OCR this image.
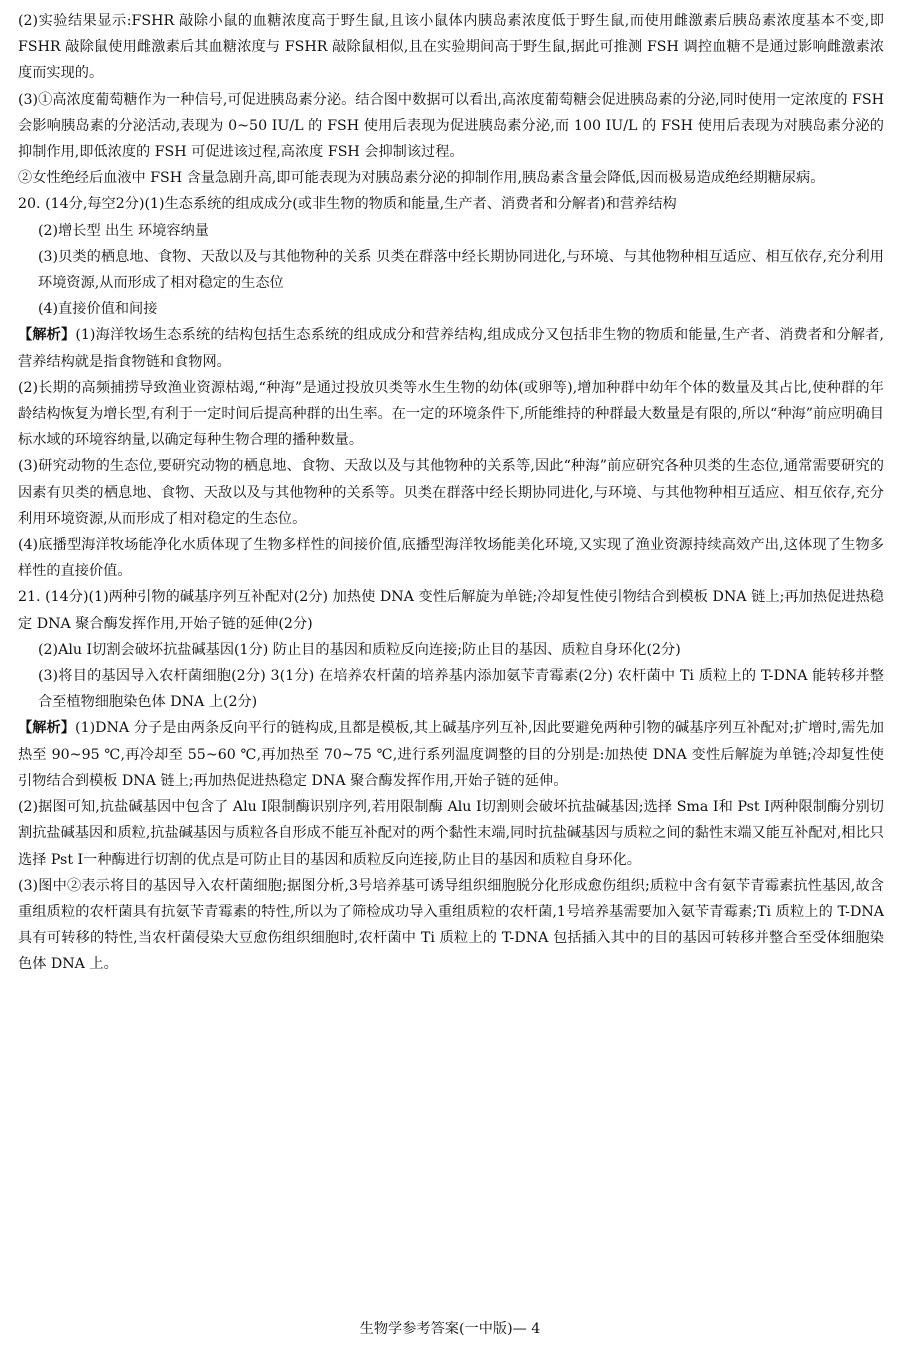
(2)实验结果显示:FSHR 敲除小鼠的血糖浓度高于野生鼠,且该小鼠体内胰岛素浓度低于野生鼠,而使用雌激素后胰岛素浓度基本不变,即 FSHR 敲除鼠使用雌激素后其血糖浓度与 FSHR 敲除鼠相似,且在实验期间高于野生鼠,据此可推测 FSH 调控血糖不是通过影响雌激素浓度而实现的。

(3)①高浓度葡萄糖作为一种信号,可促进胰岛素分泌。结合图中数据可以看出,高浓度葡萄糖会促进胰岛素的分泌,同时使用一定浓度的 FSH 会影响胰岛素的分泌活动,表现为 0~50 IU/L 的 FSH 使用后表现为促进胰岛素分泌,而 100 IU/L 的 FSH 使用后表现为对胰岛素分泌的抑制作用,即低浓度的 FSH 可促进该过程,高浓度 FSH 会抑制该过程。

②女性绝经后血液中 FSH 含量急剧升高,即可能表现为对胰岛素分泌的抑制作用,胰岛素含量会降低,因而极易造成绝经期糖尿病。

20. (14分,每空2分)(1)生态系统的组成成分(或非生物的物质和能量,生产者、消费者和分解者)和营养结构

(2)增长型 出生 环境容纳量

(3)贝类的栖息地、食物、天敌以及与其他物种的关系 贝类在群落中经长期协同进化,与环境、与其他物种相互适应、相互依存,充分利用环境资源,从而形成了相对稳定的生态位

(4)直接价值和间接

【解析】(1)海洋牧场生态系统的结构包括生态系统的组成成分和营养结构,组成成分又包括非生物的物质和能量,生产者、消费者和分解者,营养结构就是指食物链和食物网。

(2)长期的高频捕捞导致渔业资源枯竭,“种海”是通过投放贝类等水生生物的幼体(或卵等),增加种群中幼年个体的数量及其占比,使种群的年龄结构恢复为增长型,有利于一定时间后提高种群的出生率。在一定的环境条件下,所能维持的种群最大数量是有限的,所以“种海”前应明确目标水域的环境容纳量,以确定每种生物合理的播种数量。

(3)研究动物的生态位,要研究动物的栖息地、食物、天敌以及与其他物种的关系等,因此“种海”前应研究各种贝类的生态位,通常需要研究的因素有贝类的栖息地、食物、天敌以及与其他物种的关系等。贝类在群落中经长期协同进化,与环境、与其他物种相互适应、相互依存,充分利用环境资源,从而形成了相对稳定的生态位。

(4)底播型海洋牧场能净化水质体现了生物多样性的间接价值,底播型海洋牧场能美化环境,又实现了渔业资源持续高效产出,这体现了生物多样性的直接价值。

21. (14分)(1)两种引物的碱基序列互补配对(2分) 加热使 DNA 变性后解旋为单链;冷却复性使引物结合到模板 DNA 链上;再加热促进热稳定 DNA 聚合酶发挥作用,开始子链的延伸(2分)

(2)Alu Ⅰ切割会破坏抗盐碱基因(1分) 防止目的基因和质粒反向连接;防止目的基因、质粒自身环化(2分)

(3)将目的基因导入农杆菌细胞(2分) 3(1分) 在培养农杆菌的培养基内添加氨苄青霉素(2分) 农杆菌中 Ti 质粒上的 T-DNA 能转移并整合至植物细胞染色体 DNA 上(2分)

【解析】(1)DNA 分子是由两条反向平行的链构成,且都是模板,其上碱基序列互补,因此要避免两种引物的碱基序列互补配对;扩增时,需先加热至 90~95 ℃,再冷却至 55~60 ℃,再加热至 70~75 ℃,进行系列温度调整的目的分别是:加热使 DNA 变性后解旋为单链;冷却复性使引物结合到模板 DNA 链上;再加热促进热稳定 DNA 聚合酶发挥作用,开始子链的延伸。

(2)据图可知,抗盐碱基因中包含了 Alu Ⅰ限制酶识别序列,若用限制酶 Alu Ⅰ切割则会破坏抗盐碱基因;选择 Sma Ⅰ和 Pst Ⅰ两种限制酶分别切割抗盐碱基因和质粒,抗盐碱基因与质粒各自形成不能互补配对的两个黏性末端,同时抗盐碱基因与质粒之间的黏性末端又能互补配对,相比只选择 Pst Ⅰ一种酶进行切割的优点是可防止目的基因和质粒反向连接,防止目的基因和质粒自身环化。

(3)图中②表示将目的基因导入农杆菌细胞;据图分析,3号培养基可诱导组织细胞脱分化形成愈伤组织;质粒中含有氨苄青霉素抗性基因,故含重组质粒的农杆菌具有抗氨苄青霉素的特性,所以为了筛检成功导入重组质粒的农杆菌,1号培养基需要加入氨苄青霉素;Ti 质粒上的 T-DNA 具有可转移的特性,当农杆菌侵染大豆愈伤组织细胞时,农杆菌中 Ti 质粒上的 T-DNA 包括插入其中的目的基因可转移并整合至受体细胞染色体 DNA 上。

生物学参考答案(一中版)— 4
